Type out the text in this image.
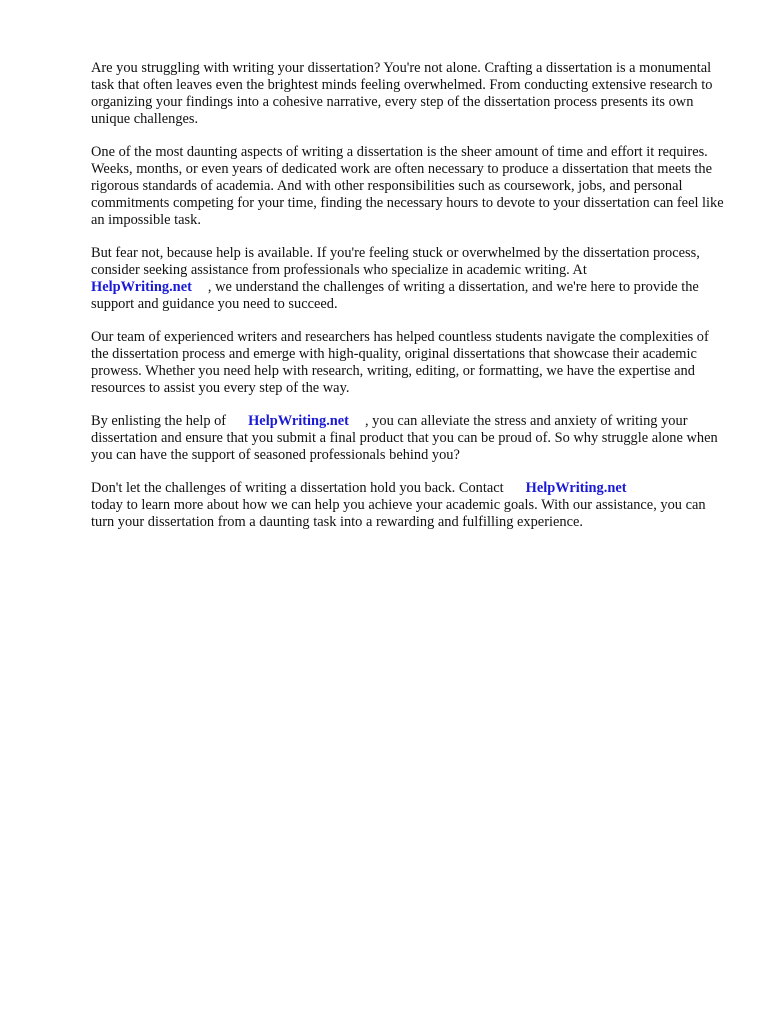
Are you struggling with writing your dissertation? You're not alone. Crafting a dissertation is a monumental task that often leaves even the brightest minds feeling overwhelmed. From conducting extensive research to organizing your findings into a cohesive narrative, every step of the dissertation process presents its own unique challenges.

One of the most daunting aspects of writing a dissertation is the sheer amount of time and effort it requires. Weeks, months, or even years of dedicated work are often necessary to produce a dissertation that meets the rigorous standards of academia. And with other responsibilities such as coursework, jobs, and personal commitments competing for your time, finding the necessary hours to devote to your dissertation can feel like an impossible task.

But fear not, because help is available. If you're feeling stuck or overwhelmed by the dissertation process, consider seeking assistance from professionals who specialize in academic writing. At
HelpWriting.net , we understand the challenges of writing a dissertation, and we're here to provide the support and guidance you need to succeed.

Our team of experienced writers and researchers has helped countless students navigate the complexities of the dissertation process and emerge with high-quality, original dissertations that showcase their academic prowess. Whether you need help with research, writing, editing, or formatting, we have the expertise and resources to assist you every step of the way.

By enlisting the help of HelpWriting.net , you can alleviate the stress and anxiety of writing your dissertation and ensure that you submit a final product that you can be proud of. So why struggle alone when you can have the support of seasoned professionals behind you?

Don't let the challenges of writing a dissertation hold you back. Contact HelpWriting.net
today to learn more about how we can help you achieve your academic goals. With our assistance, you can turn your dissertation from a daunting task into a rewarding and fulfilling experience.
